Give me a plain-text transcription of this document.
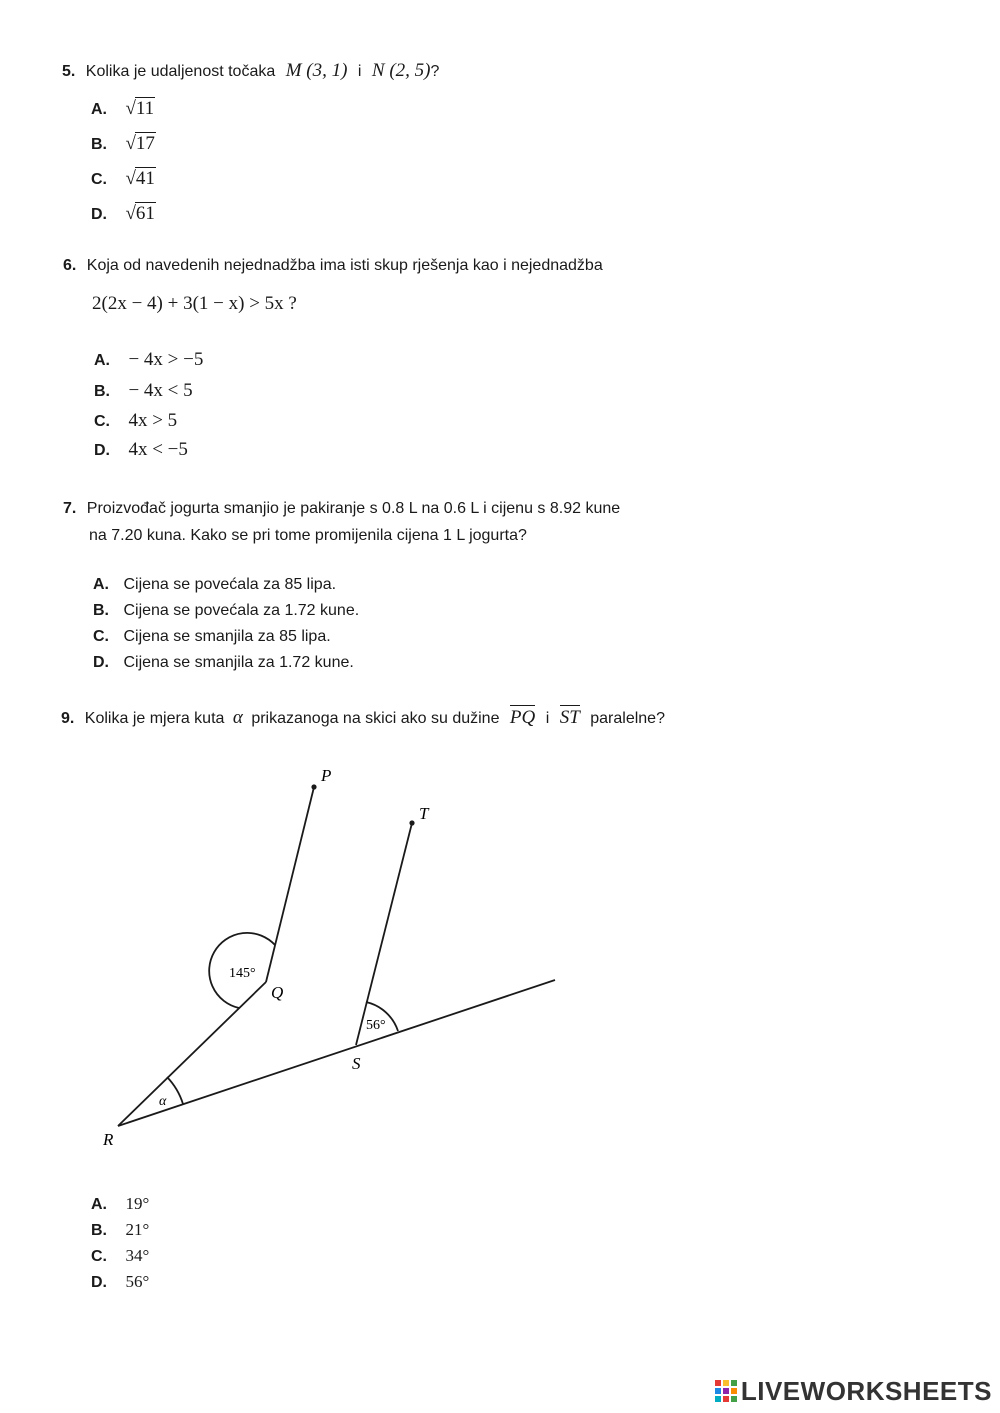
5. Kolika je udaljenost točaka M (3, 1) i N (2, 5)?
A. √11
B. √17
C. √41
D. √61
6. Koja od navedenih nejednadžba ima isti skup rješenja kao i nejednadžba
2(2x − 4) + 3(1 − x) > 5x ?
A. − 4x > −5
B. − 4x < 5
C. 4x > 5
D. 4x < −5
7. Proizvođač jogurta smanjio je pakiranje s 0.8 L na 0.6 L i cijenu s 8.92 kune
na 7.20 kuna. Kako se pri tome promijenila cijena 1 L jogurta?
A. Cijena se povećala za 85 lipa.
B. Cijena se povećala za 1.72 kune.
C. Cijena se smanjila za 85 lipa.
D. Cijena se smanjila za 1.72 kune.
9. Kolika je mjera kuta α prikazanoga na skici ako su dužine PQ i ST paralelne?
P
T
Q
S
R
α
145°
56°
A. 19°
B. 21°
C. 34°
D. 56°
LIVEWORKSHEETS
